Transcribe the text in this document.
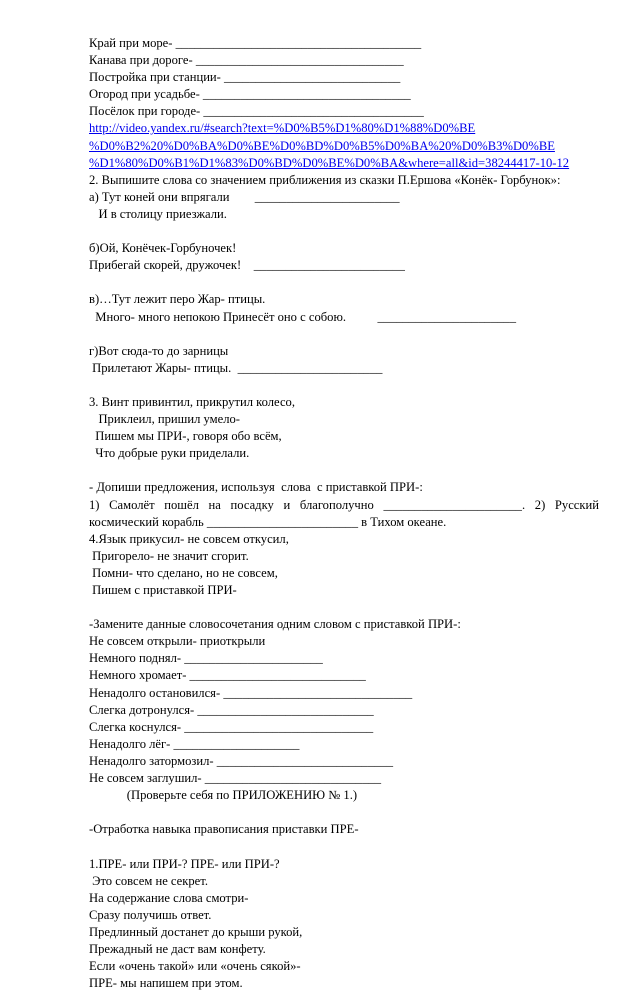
Край при море- _______________________________________
Канава при дороге- _________________________________
Постройка при станции- ____________________________
Огород при усадьбе- _________________________________
Посёлок при городе- ___________________________________
http://video.yandex.ru/#search?text=%D0%B5%D1%80%D1%88%D0%BE
%D0%B2%20%D0%BA%D0%BE%D0%BD%D0%B5%D0%BA%20%D0%B3%D0%BE
%D1%80%D0%B1%D1%83%D0%BD%D0%BE%D0%BA&where=all&id=38244417-10-12
2. Выпишите слова со значением приближения из сказки П.Ершова «Конёк- Горбунок»:
а) Тут коней они впрягали        _______________________
И в столицу приезжали.
б)Ой, Конёчек-Горбуночек!
Прибегай скорей, дружочек!    ________________________
в)…Тут лежит перо Жар- птицы.
Много- много непокою Принесёт оно с собою.          ______________________
г)Вот сюда-то до зарницы
Прилетают Жары- птицы.  _______________________
3. Винт привинтил, прикрутил колесо,
Приклеил, пришил умело-
Пишем мы ПРИ-, говоря обо всём,
Что добрые руки приделали.
- Допиши предложения, используя  слова  с приставкой ПРИ-:
1) Самолёт пошёл на посадку и благополучно ______________________. 2) Русский
космический корабль ________________________ в Тихом океане.
4.Язык прикусил- не совсем откусил,
Пригорело- не значит сгорит.
Помни- что сделано, но не совсем,
Пишем с приставкой ПРИ-
-Замените данные словосочетания одним словом с приставкой ПРИ-:
Не совсем открыли- приоткрыли
Немного поднял- ______________________
Немного хромает- ____________________________
Ненадолго остановился- ______________________________
Слегка дотронулся- ____________________________
Слегка коснулся- ______________________________
Ненадолго лёг- ____________________
Ненадолго затормозил- ____________________________
Не совсем заглушил- ____________________________
(Проверьте себя по ПРИЛОЖЕНИЮ № 1.)
-Отработка навыка правописания приставки ПРЕ-
1.ПРЕ- или ПРИ-? ПРЕ- или ПРИ-?
Это совсем не секрет.
На содержание слова смотри-
Сразу получишь ответ.
Предлинный достанет до крыши рукой,
Прежадный не даст вам конфету.
Если «очень такой» или «очень сякой»-
ПРЕ- мы напишем при этом.
